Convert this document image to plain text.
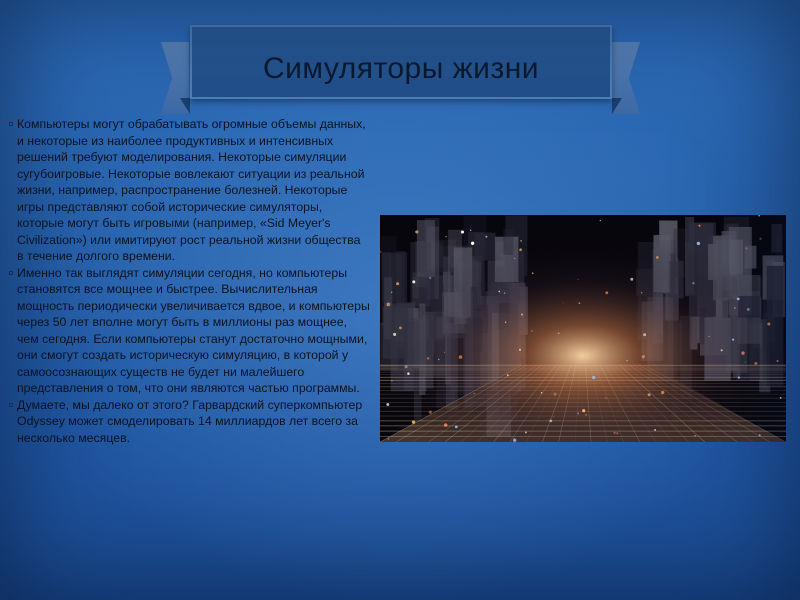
Симуляторы жизни

Компьютеры могут обрабатывать огромные объемы данных, и некоторые из наиболее продуктивных и интенсивных решений требуют моделирования. Некоторые симуляции сугубоигровые. Некоторые вовлекают ситуации из реальной жизни, например, распространение болезней. Некоторые игры представляют собой исторические симуляторы, которые могут быть игровыми (например, «Sid Meyer's Civilization») или имитируют рост реальной жизни общества в течение долгого времени.

Именно так выглядят симуляции сегодня, но компьютеры становятся все мощнее и быстрее. Вычислительная мощность периодически увеличивается вдвое, и компьютеры через 50 лет вполне могут быть в миллионы раз мощнее, чем сегодня. Если компьютеры станут достаточно мощными, они смогут создать историческую симуляцию, в которой у самоосознающих существ не будет ни малейшего представления о том, что они являются частью программы.

Думаете, мы далеко от этого? Гарвардский суперкомпьютер Odyssey может смоделировать 14 миллиардов лет всего за несколько месяцев.
